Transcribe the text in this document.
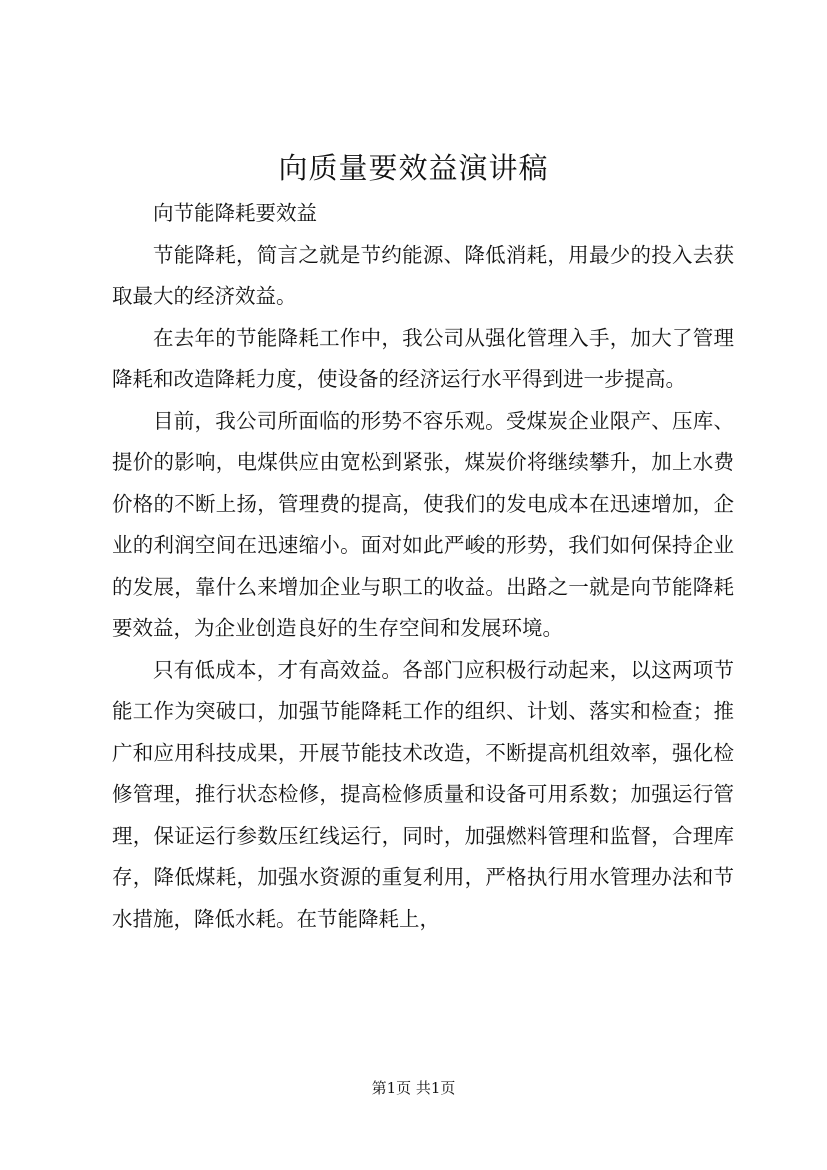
向质量要效益演讲稿

向节能降耗要效益

节能降耗，简言之就是节约能源、降低消耗，用最少的投入去获取最大的经济效益。

在去年的节能降耗工作中，我公司从强化管理入手，加大了管理降耗和改造降耗力度，使设备的经济运行水平得到进一步提高。

目前，我公司所面临的形势不容乐观。受煤炭企业限产、压库、提价的影响，电煤供应由宽松到紧张，煤炭价将继续攀升，加上水费价格的不断上扬，管理费的提高，使我们的发电成本在迅速增加，企业的利润空间在迅速缩小。面对如此严峻的形势，我们如何保持企业的发展，靠什么来增加企业与职工的收益。出路之一就是向节能降耗要效益，为企业创造良好的生存空间和发展环境。

只有低成本，才有高效益。各部门应积极行动起来，以这两项节能工作为突破口，加强节能降耗工作的组织、计划、落实和检查；推广和应用科技成果，开展节能技术改造，不断提高机组效率，强化检修管理，推行状态检修，提高检修质量和设备可用系数；加强运行管理，保证运行参数压红线运行，同时，加强燃料管理和监督，合理库存，降低煤耗，加强水资源的重复利用，严格执行用水管理办法和节水措施，降低水耗。在节能降耗上，

第1页 共1页
